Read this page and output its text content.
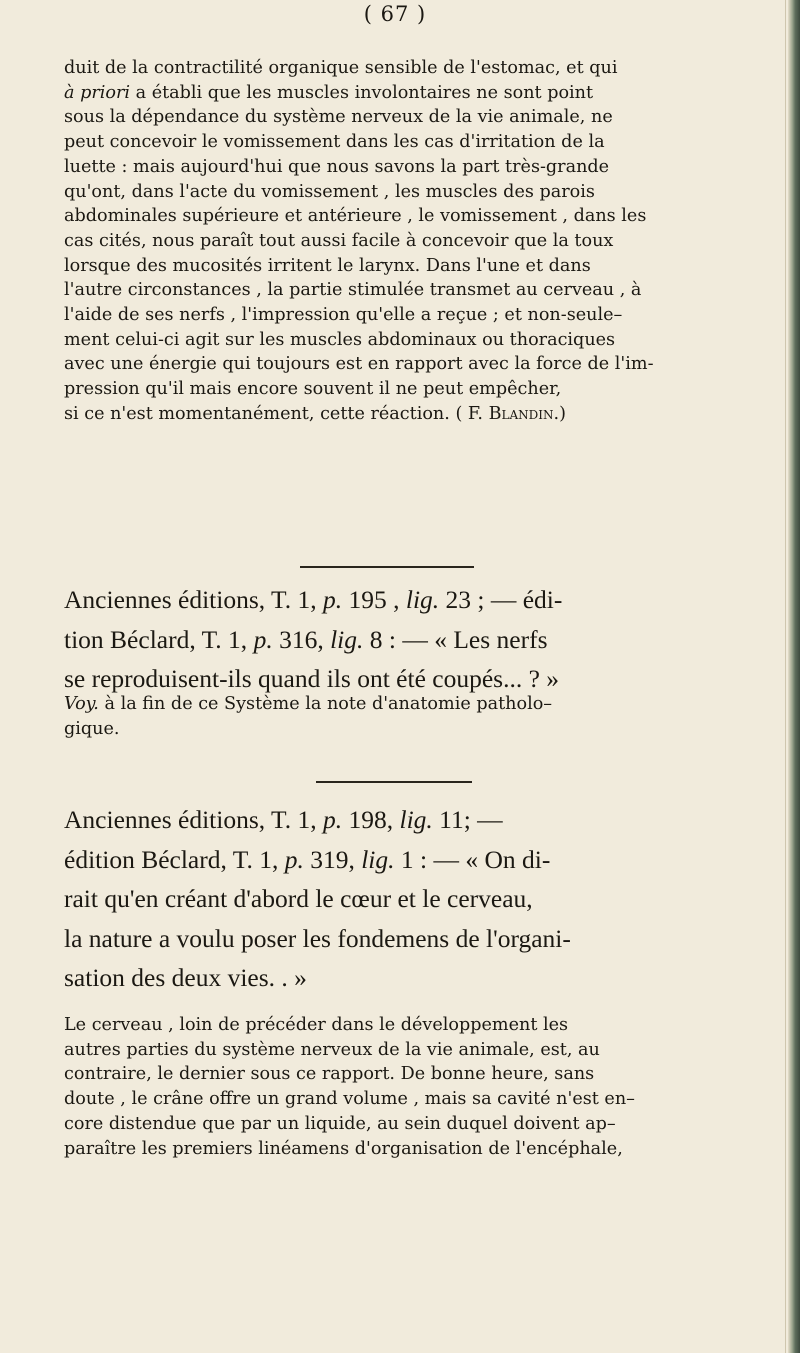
( 67 )
duit de la contractilité organique sensible de l'estomac, et qui
à priori a établi que les muscles involontaires ne sont point
sous la dépendance du système nerveux de la vie animale, ne
peut concevoir le vomissement dans les cas d'irritation de la
luette : mais aujourd'hui que nous savons la part très-grande
qu'ont, dans l'acte du vomissement , les muscles des parois
abdominales supérieure et antérieure , le vomissement , dans les
cas cités, nous paraît tout aussi facile à concevoir que la toux
lorsque des mucosités irritent le larynx. Dans l'une et dans
l'autre circonstances , la partie stimulée transmet au cerveau , à
l'aide de ses nerfs , l'impression qu'elle a reçue ; et non-seule–
ment celui-ci agit sur les muscles abdominaux ou thoraciques
avec une énergie qui toujours est en rapport avec la force de l'im-
pression qu'il mais encore souvent il ne peut empêcher,
si ce n'est momentanément, cette réaction. ( F. Blandin.)
Anciennes éditions, T. 1, p. 195 , lig. 23 ; — édi-
tion Béclard, T. 1, p. 316, lig. 8 : — « Les nerfs
se reproduisent-ils quand ils ont été coupés... ? »
Voy. à la fin de ce Système la note d'anatomie patholo–
gique.
Anciennes éditions, T. 1, p. 198, lig. 11; —
édition Béclard, T. 1, p. 319, lig. 1 : — « On di-
rait qu'en créant d'abord le cœur et le cerveau,
la nature a voulu poser les fondemens de l'organi-
sation des deux vies. . »
Le cerveau , loin de précéder dans le développement les
autres parties du système nerveux de la vie animale, est, au
contraire, le dernier sous ce rapport. De bonne heure, sans
doute , le crâne offre un grand volume , mais sa cavité n'est en–
core distendue que par un liquide, au sein duquel doivent ap–
paraître les premiers linéamens d'organisation de l'encéphale,
